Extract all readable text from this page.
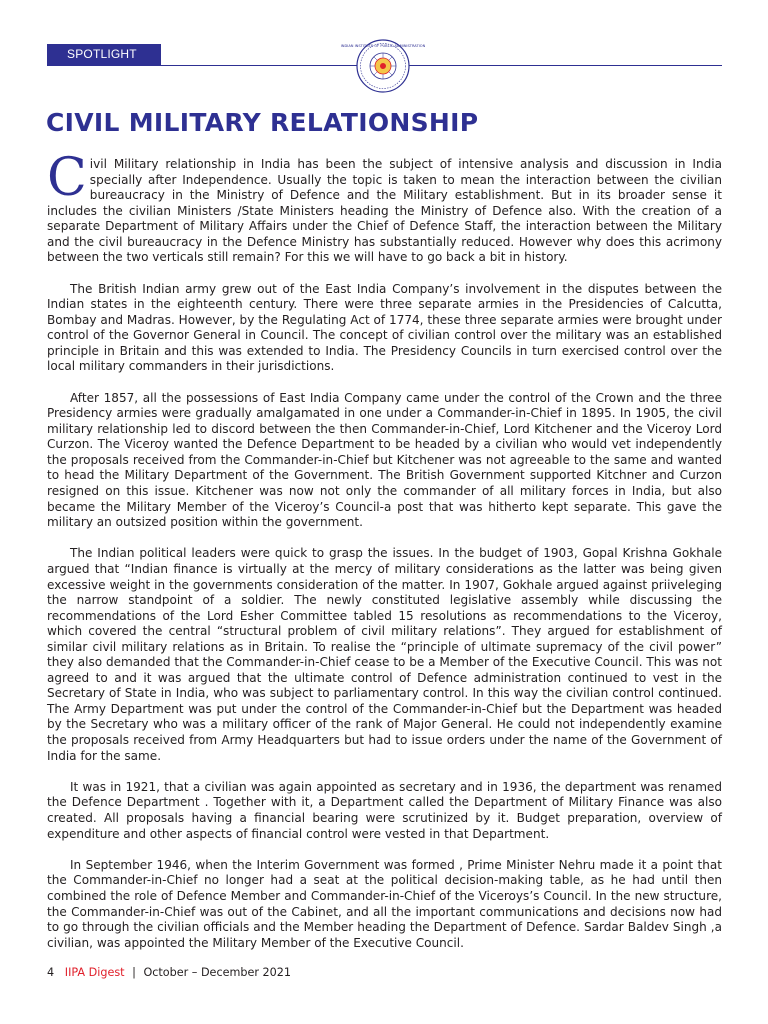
SPOTLIGHT
INDIAN INSTITUTE OF PUBLIC ADMINISTRATION
CIVIL MILITARY RELATIONSHIP

Civil Military relationship in India has been the subject of intensive analysis and discussion in India specially after Independence. Usually the topic is taken to mean the interaction between the civilian bureaucracy in the Ministry of Defence and the Military establishment. But in its broader sense it includes the civilian Ministers /State Ministers heading the Ministry of Defence also. With the creation of a separate Department of Military Affairs under the Chief of Defence Staff, the interaction between the Military and the civil bureaucracy in the Defence Ministry has substantially reduced. However why does this acrimony between the two verticals still remain? For this we will have to go back a bit in history.

The British Indian army grew out of the East India Company’s involvement in the disputes between the Indian states in the eighteenth century. There were three separate armies in the Presidencies of Calcutta, Bombay and Madras. However, by the Regulating Act of 1774, these three separate armies were brought under control of the Governor General in Council. The concept of civilian control over the military was an established principle in Britain and this was extended to India. The Presidency Councils in turn exercised control over the local military commanders in their jurisdictions.

After 1857, all the possessions of East India Company came under the control of the Crown and the three Presidency armies were gradually amalgamated in one under a Commander-in-Chief in 1895. In 1905, the civil military relationship led to discord between the then Commander-in-Chief, Lord Kitchener and the Viceroy Lord Curzon. The Viceroy wanted the Defence Department to be headed by a civilian who would vet independently the proposals received from the Commander-in-Chief but Kitchener was not agreeable to the same and wanted to head the Military Department of the Government. The British Government supported Kitchner and Curzon resigned on this issue. Kitchener was now not only the commander of all military forces in India, but also became the Military Member of the Viceroy’s Council-a post that was hitherto kept separate. This gave the military an outsized position within the government.

The Indian political leaders were quick to grasp the issues. In the budget of 1903, Gopal Krishna Gokhale argued that “Indian finance is virtually at the mercy of military considerations as the latter was being given excessive weight in the governments consideration of the matter. In 1907, Gokhale argued against priiveleging the narrow standpoint of a soldier. The newly constituted legislative assembly while discussing the recommendations of the Lord Esher Committee tabled 15 resolutions as recommendations to the Viceroy, which covered the central “structural problem of civil military relations”. They argued for establishment of similar civil military relations as in Britain. To realise the “principle of ultimate supremacy of the civil power” they also demanded that the Commander-in-Chief cease to be a Member of the Executive Council. This was not agreed to and it was argued that the ultimate control of Defence administration continued to vest in the Secretary of State in India, who was subject to parliamentary control. In this way the civilian control continued. The Army Department was put under the control of the Commander-in-Chief but the Department was headed by the Secretary who was a military officer of the rank of Major General. He could not independently examine the proposals received from Army Headquarters but had to issue orders under the name of the Government of India for the same.

It was in 1921, that a civilian was again appointed as secretary and in 1936, the department was renamed the Defence Department . Together with it, a Department called the Department of Military Finance was also created. All proposals having a financial bearing were scrutinized by it. Budget preparation, overview of expenditure and other aspects of financial control were vested in that Department.

In September 1946, when the Interim Government was formed , Prime Minister Nehru made it a point that the Commander-in-Chief no longer had a seat at the political decision-making table, as he had until then combined the role of Defence Member and Commander-in-Chief of the Viceroys’s Council. In the new structure, the Commander-in-Chief was out of the Cabinet, and all the important communications and decisions now had to go through the civilian officials and the Member heading the Department of Defence. Sardar Baldev Singh ,a civilian, was appointed the Military Member of the Executive Council.

4 IIPA Digest | October – December 2021
